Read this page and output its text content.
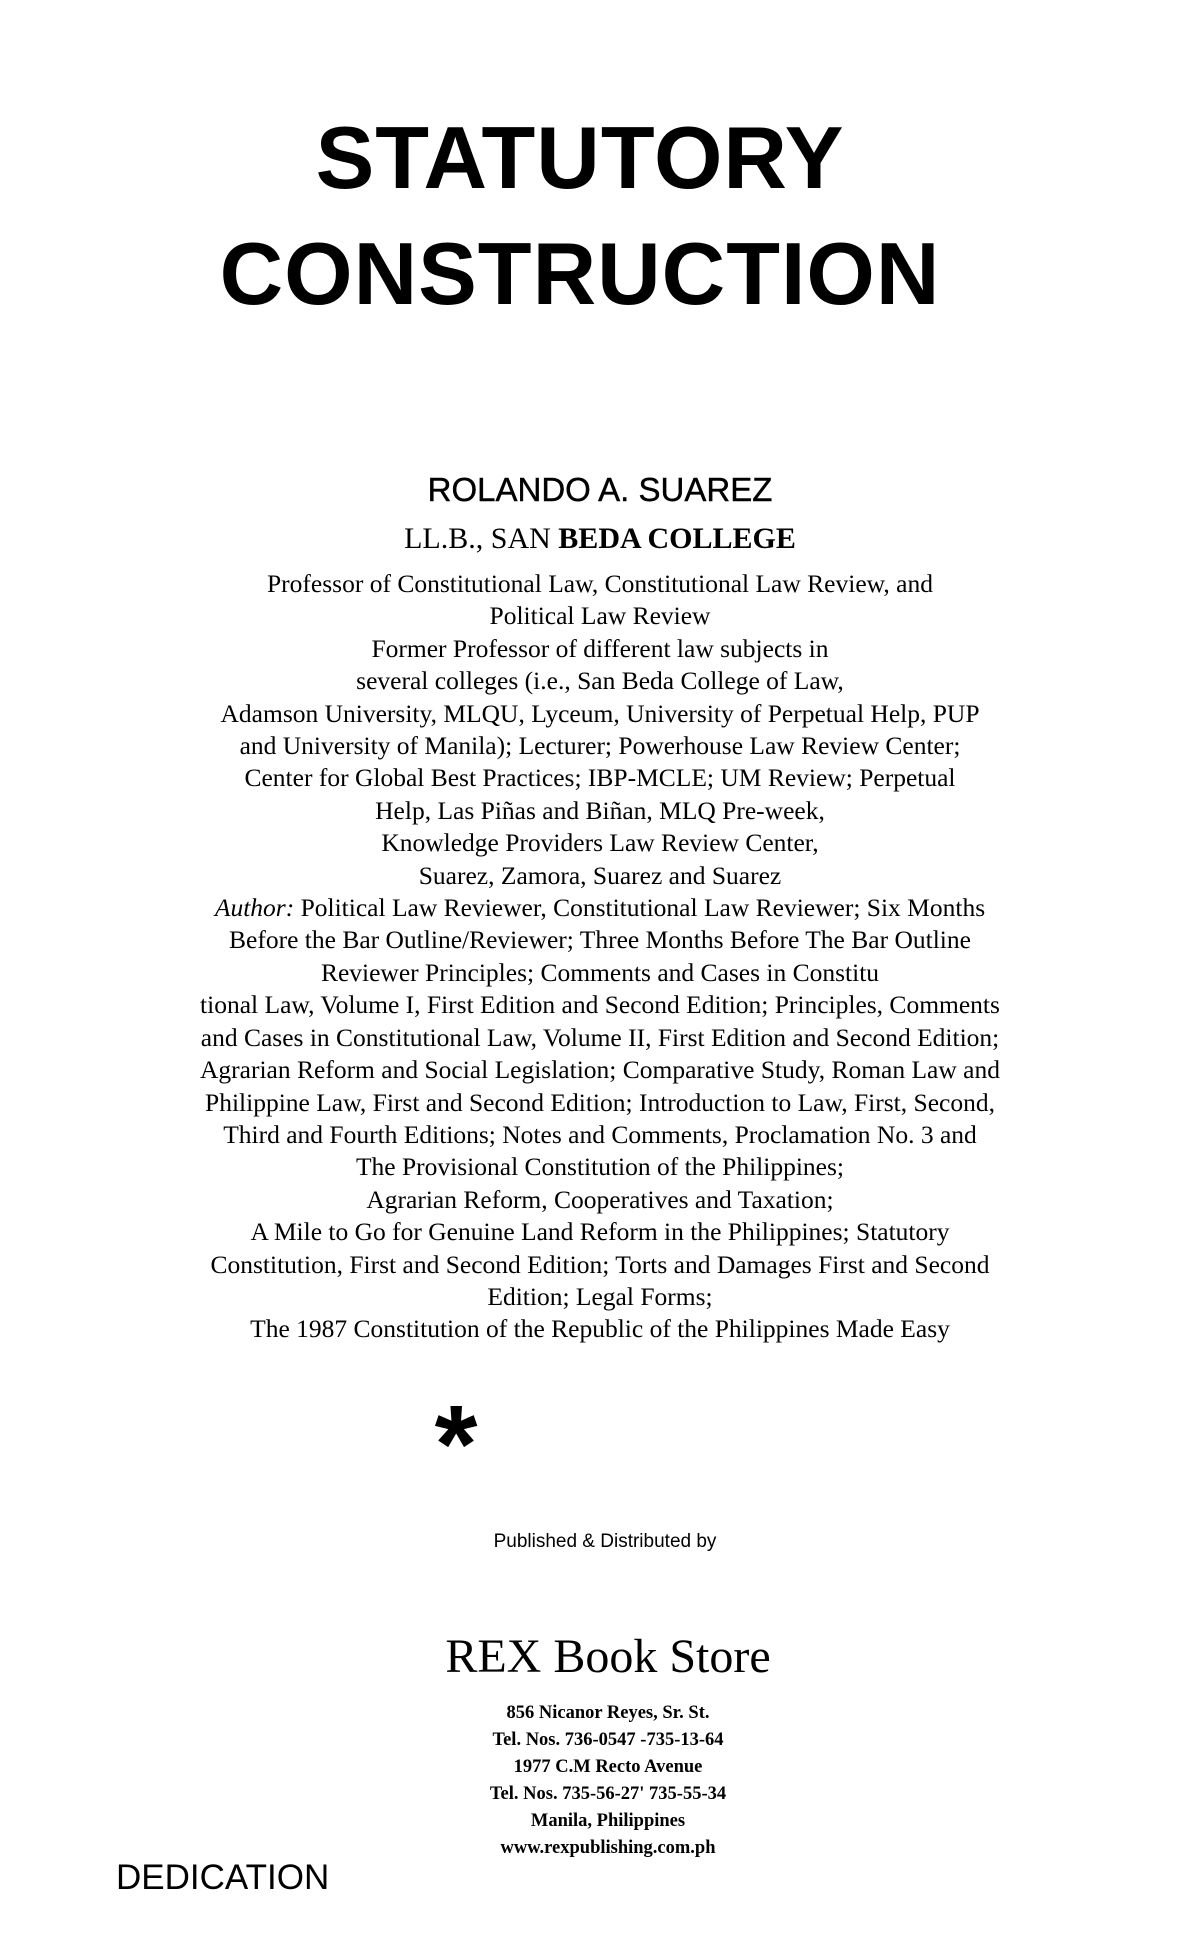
STATUTORY
CONSTRUCTION
ROLANDO A. SUAREZ
LL.B., SAN BEDA COLLEGE
Professor of Constitutional Law, Constitutional Law Review, and
Political Law Review
Former Professor of different law subjects in
several colleges (i.e., San Beda College of Law,
Adamson University, MLQU, Lyceum, University of Perpetual Help, PUP
and University of Manila); Lecturer; Powerhouse Law Review Center;
Center for Global Best Practices; IBP-MCLE; UM Review; Perpetual
Help, Las Piñas and Biñan, MLQ Pre-week,
Knowledge Providers Law Review Center,
Suarez, Zamora, Suarez and Suarez
Author: Political Law Reviewer, Constitutional Law Reviewer; Six Months
Before the Bar Outline/Reviewer; Three Months Before The Bar Outline
Reviewer Principles; Comments and Cases in Constitu
tional Law, Volume I, First Edition and Second Edition; Principles, Comments
and Cases in Constitutional Law, Volume II, First Edition and Second Edition;
Agrarian Reform and Social Legislation; Comparative Study, Roman Law and
Philippine Law, First and Second Edition; Introduction to Law, First, Second,
Third and Fourth Editions; Notes and Comments, Proclamation No. 3 and
The Provisional Constitution of the Philippines;
Agrarian Reform, Cooperatives and Taxation;
A Mile to Go for Genuine Land Reform in the Philippines; Statutory
Constitution, First and Second Edition; Torts and Damages First and Second
Edition; Legal Forms;
The 1987 Constitution of the Republic of the Philippines Made Easy
*
Published & Distributed by
REX Book Store
856 Nicanor Reyes, Sr. St.
Tel. Nos. 736-0547 -735-13-64
1977 C.M Recto Avenue
Tel. Nos. 735-56-27' 735-55-34
Manila, Philippines
www.rexpublishing.com.ph
DEDICATION
